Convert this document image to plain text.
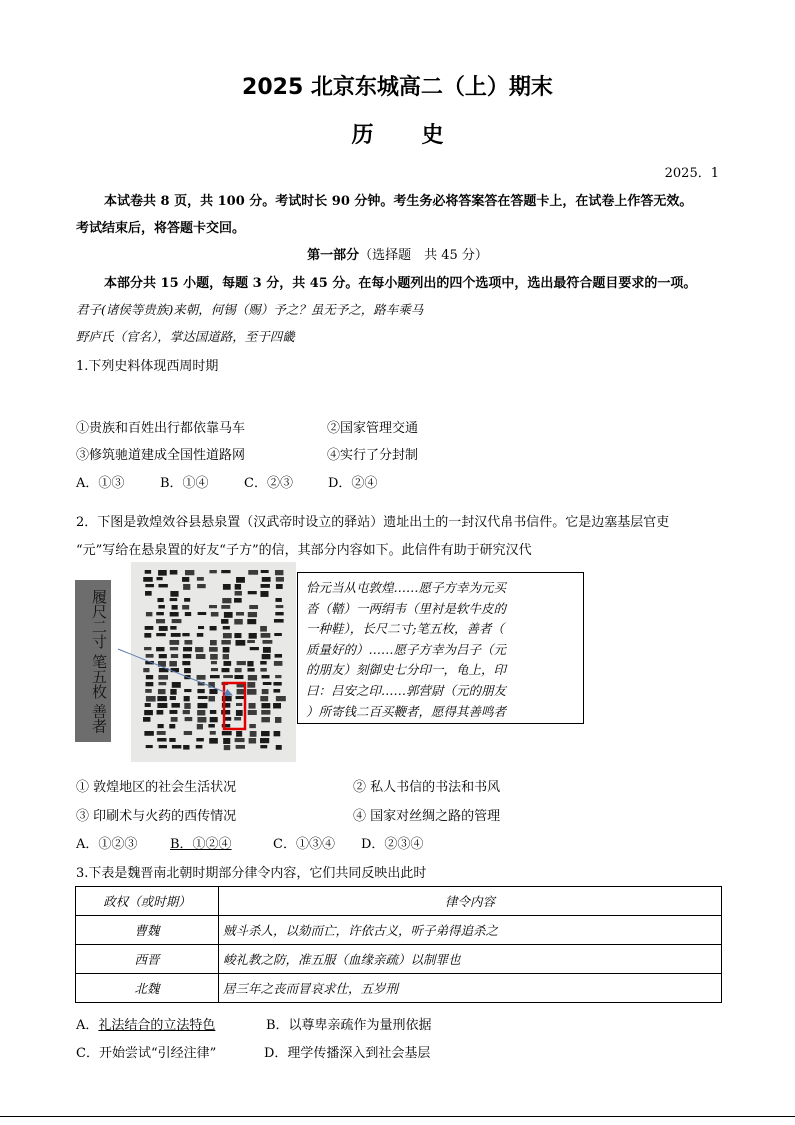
2025 北京东城高二（上）期末
历史
2025．1
本试卷共 8 页，共 100 分。考试时长 90 分钟。考生务必将答案答在答题卡上，在试卷上作答无效。
考试结束后，将答题卡交回。
第一部分（选择题　共 45 分）
本部分共 15 小题，每题 3 分，共 45 分。在每小题列出的四个选项中，选出最符合题目要求的一项。
君子(诸侯等贵族)来朝，何锡（赐）予之？虽无予之，路车乘马
野庐氏（官名），掌达国道路，至于四畿
1.下列史料体现西周时期
①贵族和百姓出行都依靠马车	②国家管理交通
③修筑驰道建成全国性道路网	④实行了分封制
A．①③	B．①④	C．②③	D．②④
2．下图是敦煌效谷县悬泉置（汉武帝时设立的驿站）遗址出土的一封汉代帛书信件。它是边塞基层官吏
“元”写给在悬泉置的好友“子方”的信，其部分内容如下。此信件有助于研究汉代
履尺二寸 笔五枚 善者
恰元当从屯敦煌……愿子方幸为元买
沓（鞜）一两绢韦（里衬是软牛皮的
一种鞋），长尺二寸;笔五枚，善者（
质量好的）……愿子方幸为吕子（元
的朋友）刻御史七分印一，龟上，印
曰：吕安之印……郭营尉（元的朋友
）所寄钱二百买鞭者，愿得其善鸣者
① 敦煌地区的社会生活状况	② 私人书信的书法和书风
③ 印刷术与火药的西传情况	④ 国家对丝绸之路的管理
A．①②③	B．①②④	C．①③④ D．②③④
3.下表是魏晋南北朝时期部分律令内容，它们共同反映出此时
政权（或时期）	律令内容
曹魏	贼斗杀人，以劾而亡，许依古义，听子弟得追杀之
西晋	峻礼教之防，准五服（血缘亲疏）以制罪也
北魏	居三年之丧而冒哀求仕，五岁刑
A．礼法结合的立法特色	B．以尊卑亲疏作为量刑依据
C．开始尝试“引经注律”	D．理学传播深入到社会基层
